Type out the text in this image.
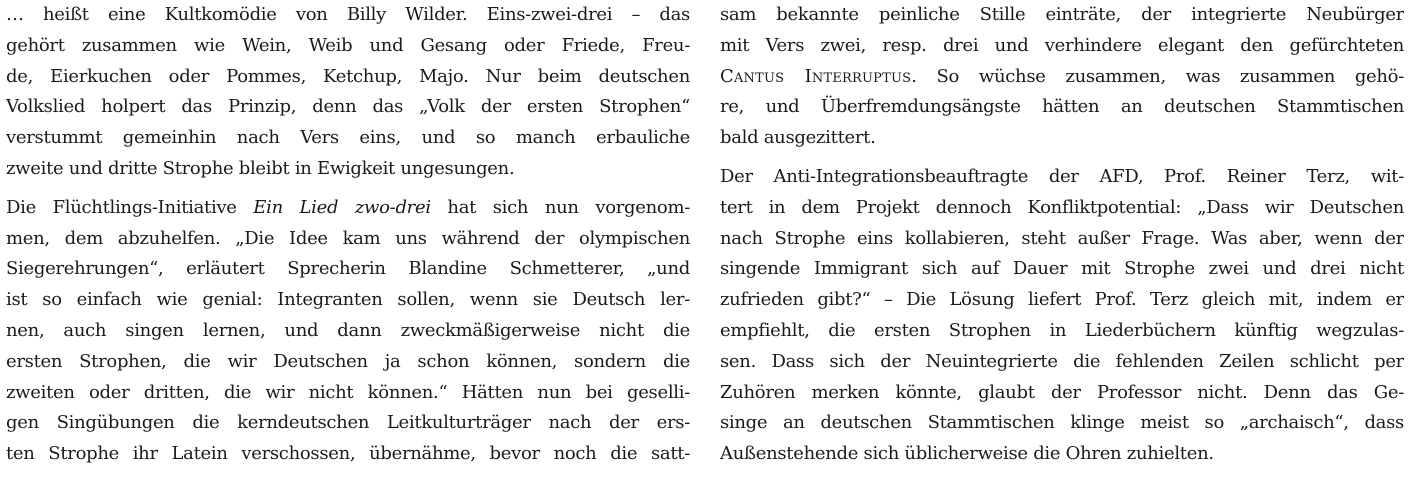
… heißt eine Kultkomödie von Billy Wilder. Eins-zwei-drei – das
gehört zusammen wie Wein, Weib und Gesang oder Friede, Freu-
de, Eierkuchen oder Pommes, Ketchup, Majo. Nur beim deutschen
Volkslied holpert das Prinzip, denn das „Volk der ersten Strophen“
verstummt gemeinhin nach Vers eins, und so manch erbauliche
zweite und dritte Strophe bleibt in Ewigkeit ungesungen.
Die Flüchtlings-Initiative Ein Lied zwo-drei hat sich nun vorgenom-
men, dem abzuhelfen. „Die Idee kam uns während der olympischen
Siegerehrungen“, erläutert Sprecherin Blandine Schmetterer, „und
ist so einfach wie genial: Integranten sollen, wenn sie Deutsch ler-
nen, auch singen lernen, und dann zweckmäßigerweise nicht die
ersten Strophen, die wir Deutschen ja schon können, sondern die
zweiten oder dritten, die wir nicht können.“ Hätten nun bei geselli-
gen Singübungen die kerndeutschen Leitkulturträger nach der ers-
ten Strophe ihr Latein verschossen, übernähme, bevor noch die satt-
sam bekannte peinliche Stille einträte, der integrierte Neubürger
mit Vers zwei, resp. drei und verhindere elegant den gefürchteten
Cantus Interruptus. So wüchse zusammen, was zusammen gehö-
re, und Überfremdungsängste hätten an deutschen Stammtischen
bald ausgezittert.
Der Anti-Integrationsbeauftragte der AFD, Prof. Reiner Terz, wit-
tert in dem Projekt dennoch Konfliktpotential: „Dass wir Deutschen
nach Strophe eins kollabieren, steht außer Frage. Was aber, wenn der
singende Immigrant sich auf Dauer mit Strophe zwei und drei nicht
zufrieden gibt?“ – Die Lösung liefert Prof. Terz gleich mit, indem er
empfiehlt, die ersten Strophen in Liederbüchern künftig wegzulas-
sen. Dass sich der Neuintegrierte die fehlenden Zeilen schlicht per
Zuhören merken könnte, glaubt der Professor nicht. Denn das Ge-
singe an deutschen Stammtischen klinge meist so „archaisch“, dass
Außenstehende sich üblicherweise die Ohren zuhielten.
